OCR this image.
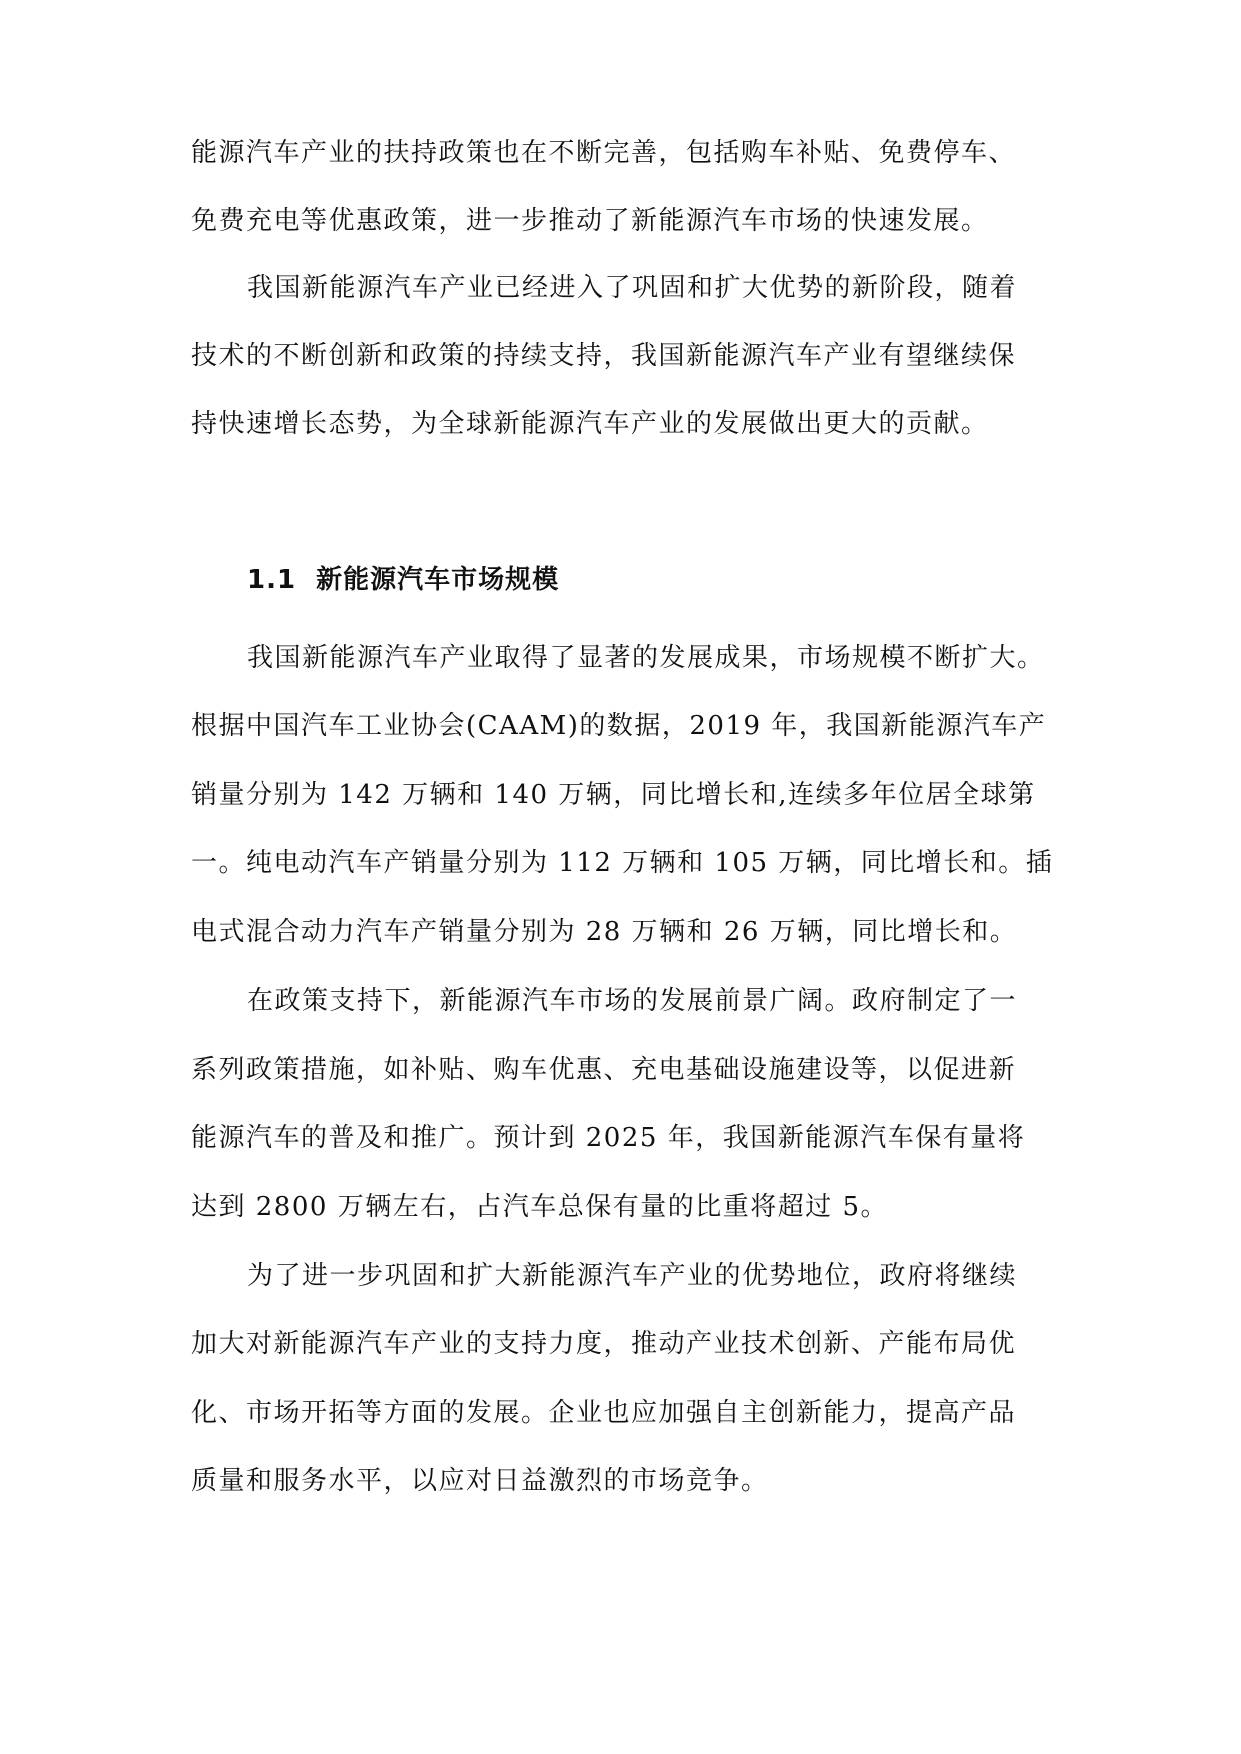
能源汽车产业的扶持政策也在不断完善，包括购车补贴、免费停车、
免费充电等优惠政策，进一步推动了新能源汽车市场的快速发展。
我国新能源汽车产业已经进入了巩固和扩大优势的新阶段，随着
技术的不断创新和政策的持续支持，我国新能源汽车产业有望继续保
持快速增长态势，为全球新能源汽车产业的发展做出更大的贡献。
1.1 新能源汽车市场规模
我国新能源汽车产业取得了显著的发展成果，市场规模不断扩大。
根据中国汽车工业协会(CAAM)的数据，2019 年，我国新能源汽车产
销量分别为 142 万辆和 140 万辆，同比增长和,连续多年位居全球第
一。纯电动汽车产销量分别为 112 万辆和 105 万辆，同比增长和。插
电式混合动力汽车产销量分别为 28 万辆和 26 万辆，同比增长和。
在政策支持下，新能源汽车市场的发展前景广阔。政府制定了一
系列政策措施，如补贴、购车优惠、充电基础设施建设等，以促进新
能源汽车的普及和推广。预计到 2025 年，我国新能源汽车保有量将
达到 2800 万辆左右，占汽车总保有量的比重将超过 5。
为了进一步巩固和扩大新能源汽车产业的优势地位，政府将继续
加大对新能源汽车产业的支持力度，推动产业技术创新、产能布局优
化、市场开拓等方面的发展。企业也应加强自主创新能力，提高产品
质量和服务水平，以应对日益激烈的市场竞争。
